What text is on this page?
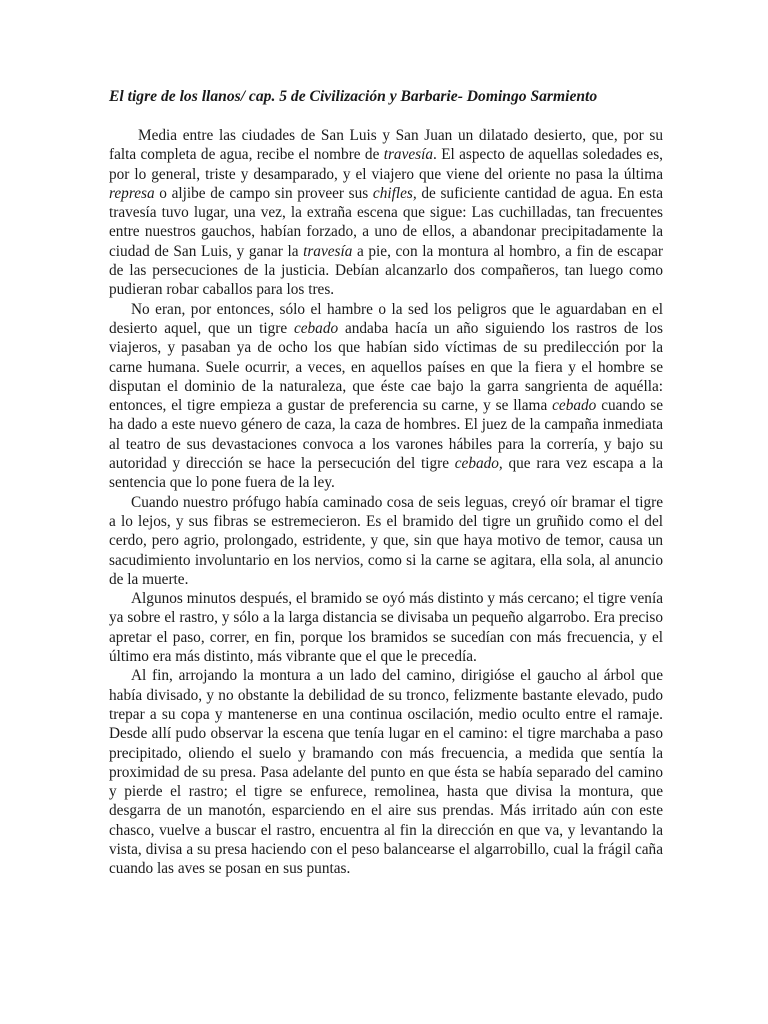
El tigre de los llanos/ cap. 5 de Civilización y Barbarie- Domingo Sarmiento

Media entre las ciudades de San Luis y San Juan un dilatado desierto, que, por su falta completa de agua, recibe el nombre de travesía. El aspecto de aquellas soledades es, por lo general, triste y desamparado, y el viajero que viene del oriente no pasa la última represa o aljibe de campo sin proveer sus chifles, de suficiente cantidad de agua. En esta travesía tuvo lugar, una vez, la extraña escena que sigue: Las cuchilladas, tan frecuentes entre nuestros gauchos, habían forzado, a uno de ellos, a abandonar precipitadamente la ciudad de San Luis, y ganar la travesía a pie, con la montura al hombro, a fin de escapar de las persecuciones de la justicia. Debían alcanzarlo dos compañeros, tan luego como pudieran robar caballos para los tres.

No eran, por entonces, sólo el hambre o la sed los peligros que le aguardaban en el desierto aquel, que un tigre cebado andaba hacía un año siguiendo los rastros de los viajeros, y pasaban ya de ocho los que habían sido víctimas de su predilección por la carne humana. Suele ocurrir, a veces, en aquellos países en que la fiera y el hombre se disputan el dominio de la naturaleza, que éste cae bajo la garra sangrienta de aquélla: entonces, el tigre empieza a gustar de preferencia su carne, y se llama cebado cuando se ha dado a este nuevo género de caza, la caza de hombres. El juez de la campaña inmediata al teatro de sus devastaciones convoca a los varones hábiles para la correría, y bajo su autoridad y dirección se hace la persecución del tigre cebado, que rara vez escapa a la sentencia que lo pone fuera de la ley.

Cuando nuestro prófugo había caminado cosa de seis leguas, creyó oír bramar el tigre a lo lejos, y sus fibras se estremecieron. Es el bramido del tigre un gruñido como el del cerdo, pero agrio, prolongado, estridente, y que, sin que haya motivo de temor, causa un sacudimiento involuntario en los nervios, como si la carne se agitara, ella sola, al anuncio de la muerte.

Algunos minutos después, el bramido se oyó más distinto y más cercano; el tigre venía ya sobre el rastro, y sólo a la larga distancia se divisaba un pequeño algarrobo. Era preciso apretar el paso, correr, en fin, porque los bramidos se sucedían con más frecuencia, y el último era más distinto, más vibrante que el que le precedía.

Al fin, arrojando la montura a un lado del camino, dirigióse el gaucho al árbol que había divisado, y no obstante la debilidad de su tronco, felizmente bastante elevado, pudo trepar a su copa y mantenerse en una continua oscilación, medio oculto entre el ramaje. Desde allí pudo observar la escena que tenía lugar en el camino: el tigre marchaba a paso precipitado, oliendo el suelo y bramando con más frecuencia, a medida que sentía la proximidad de su presa. Pasa adelante del punto en que ésta se había separado del camino y pierde el rastro; el tigre se enfurece, remolinea, hasta que divisa la montura, que desgarra de un manotón, esparciendo en el aire sus prendas. Más irritado aún con este chasco, vuelve a buscar el rastro, encuentra al fin la dirección en que va, y levantando la vista, divisa a su presa haciendo con el peso balancearse el algarrobillo, cual la frágil caña cuando las aves se posan en sus puntas.
